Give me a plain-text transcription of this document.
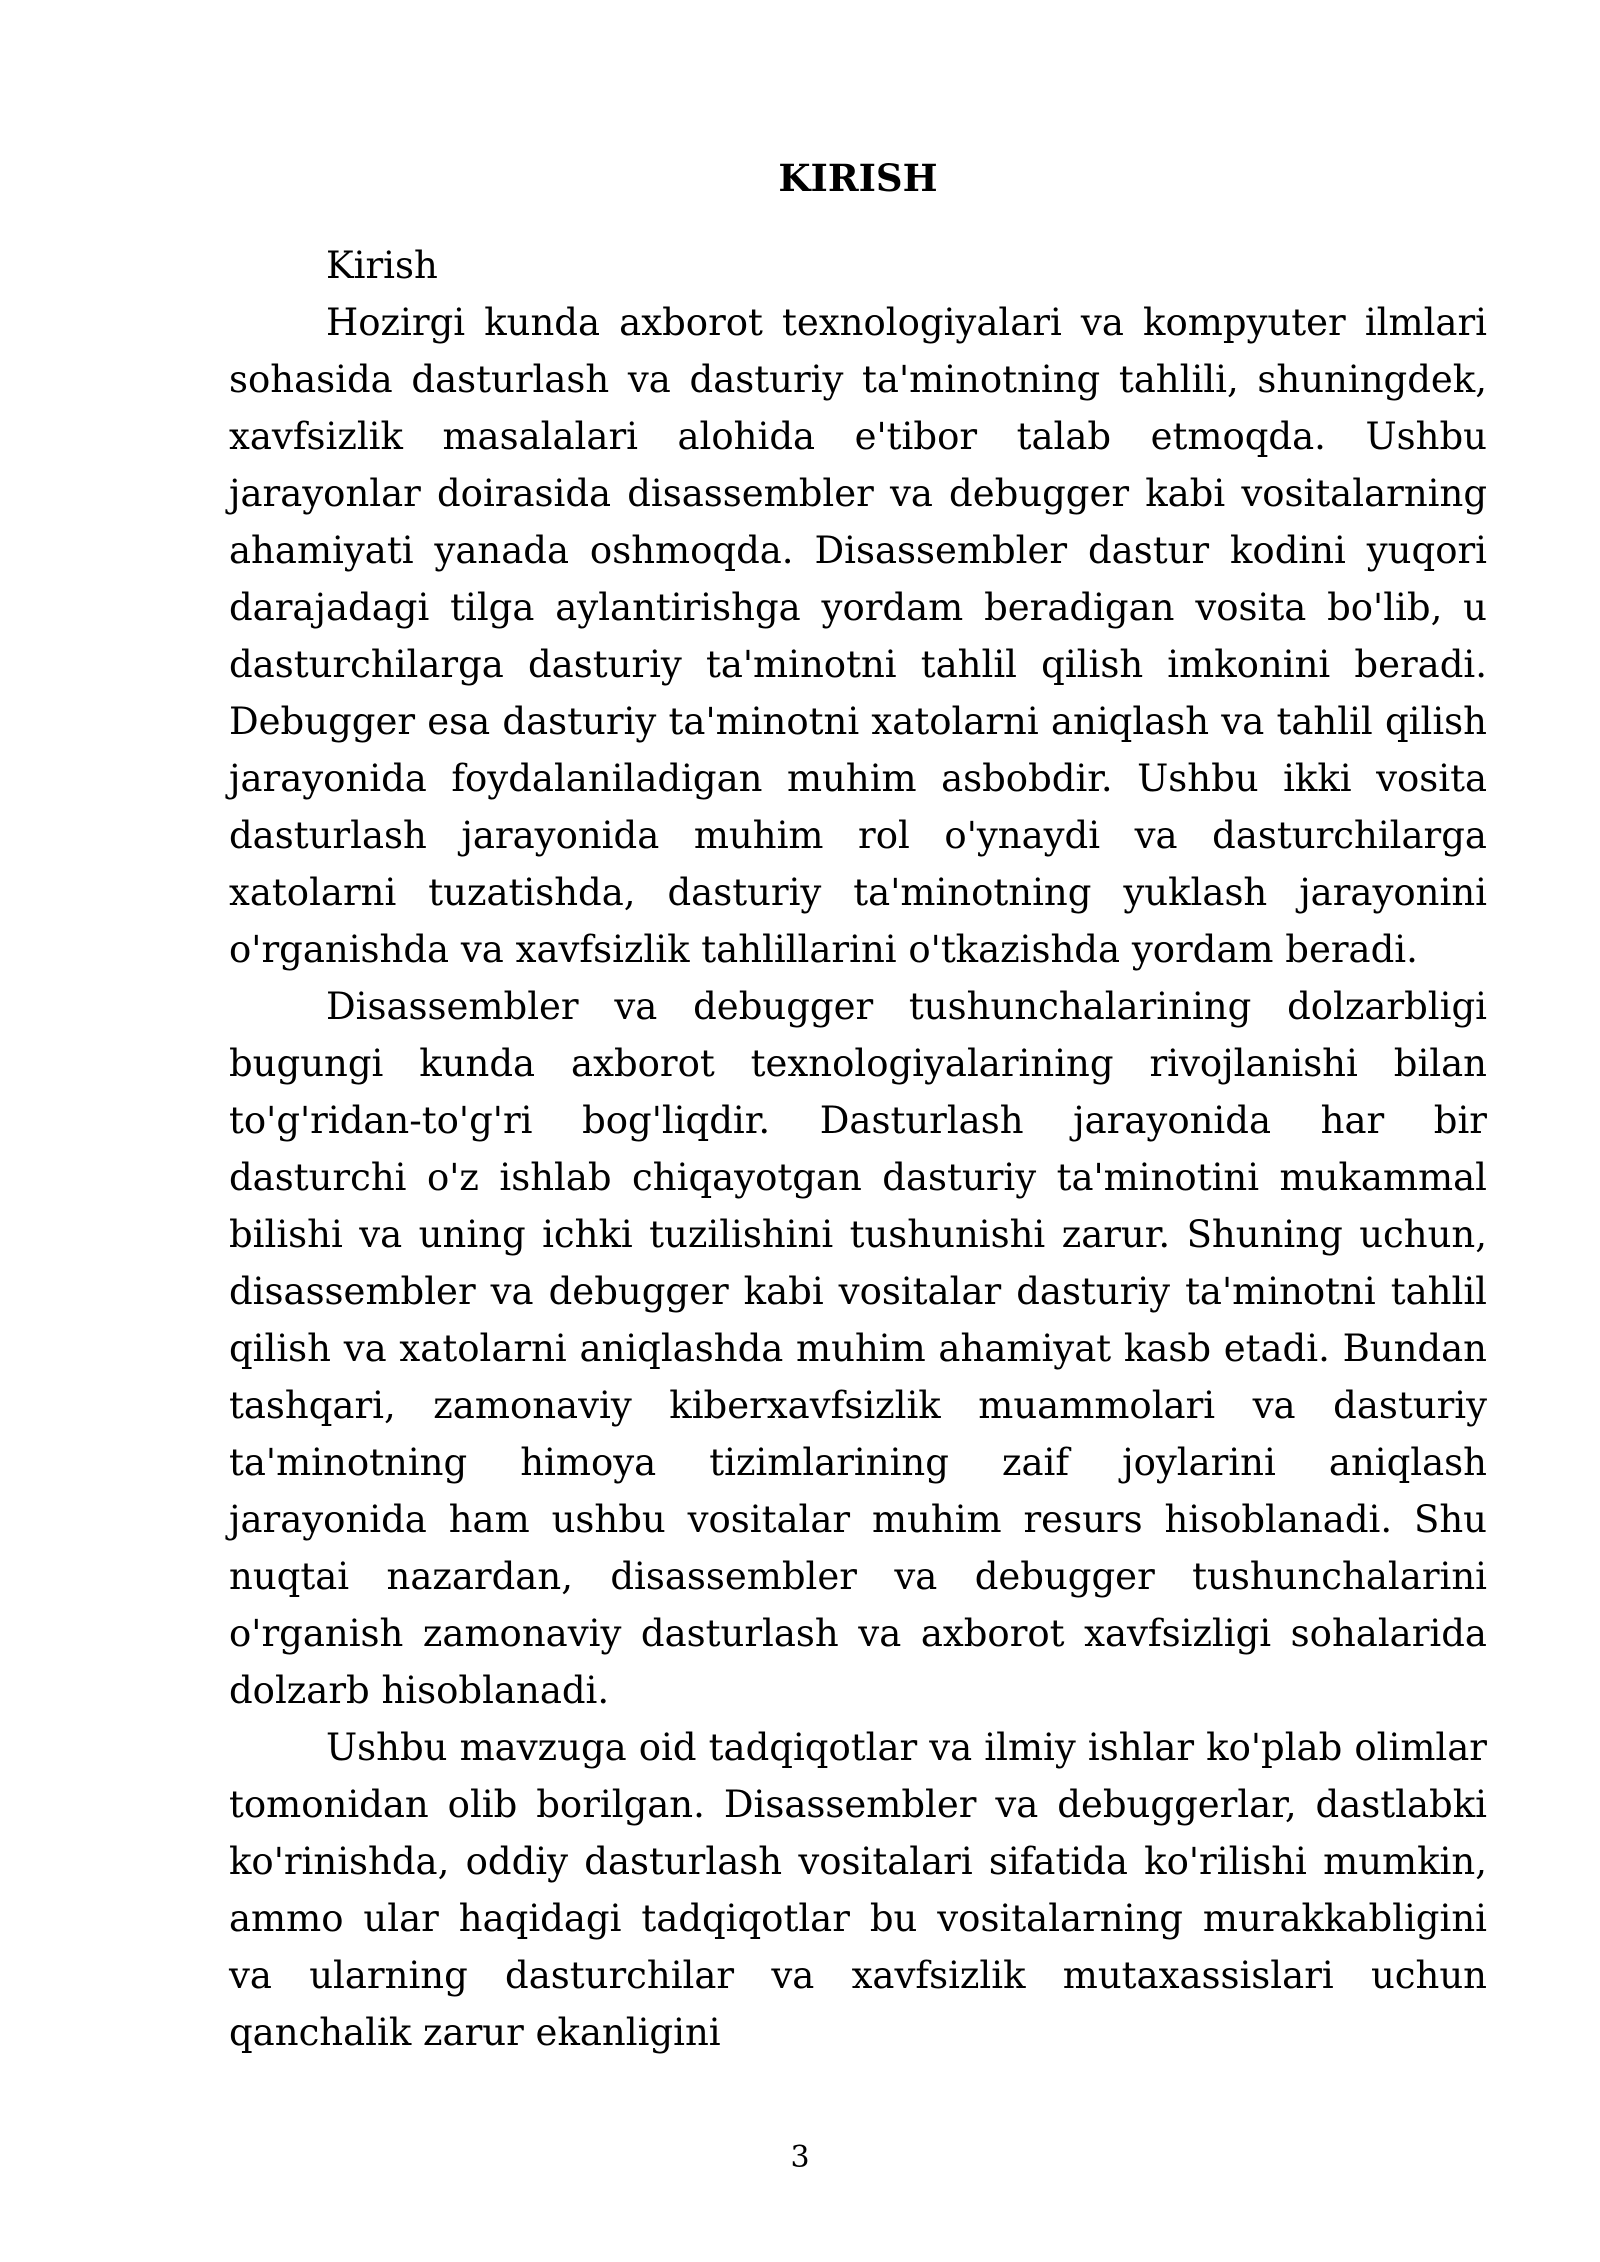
KIRISH

Kirish

Hozirgi kunda axborot texnologiyalari va kompyuter ilmlari sohasida dasturlash va dasturiy ta'minotning tahlili, shuningdek, xavfsizlik masalalari alohida e'tibor talab etmoqda. Ushbu jarayonlar doirasida disassembler va debugger kabi vositalarning ahamiyati yanada oshmoqda. Disassembler dastur kodini yuqori darajadagi tilga aylantirishga yordam beradigan vosita bo'lib, u dasturchilarga dasturiy ta'minotni tahlil qilish imkonini beradi. Debugger esa dasturiy ta'minotni xatolarni aniqlash va tahlil qilish jarayonida foydalaniladigan muhim asbobdir. Ushbu ikki vosita dasturlash jarayonida muhim rol o'ynaydi va dasturchilarga xatolarni tuzatishda, dasturiy ta'minotning yuklash jarayonini o'rganishda va xavfsizlik tahlillarini o'tkazishda yordam beradi.

Disassembler va debugger tushunchalarining dolzarbligi bugungi kunda axborot texnologiyalarining rivojlanishi bilan to'g'ridan-to'g'ri bog'liqdir. Dasturlash jarayonida har bir dasturchi o'z ishlab chiqayotgan dasturiy ta'minotini mukammal bilishi va uning ichki tuzilishini tushunishi zarur. Shuning uchun, disassembler va debugger kabi vositalar dasturiy ta'minotni tahlil qilish va xatolarni aniqlashda muhim ahamiyat kasb etadi. Bundan tashqari, zamonaviy kiberxavfsizlik muammolari va dasturiy ta'minotning himoya tizimlarining zaif joylarini aniqlash jarayonida ham ushbu vositalar muhim resurs hisoblanadi. Shu nuqtai nazardan, disassembler va debugger tushunchalarini o'rganish zamonaviy dasturlash va axborot xavfsizligi sohalarida dolzarb hisoblanadi.

Ushbu mavzuga oid tadqiqotlar va ilmiy ishlar ko'plab olimlar tomonidan olib borilgan. Disassembler va debuggerlar, dastlabki ko'rinishda, oddiy dasturlash vositalari sifatida ko'rilishi mumkin, ammo ular haqidagi tadqiqotlar bu vositalarning murakkabligini va ularning dasturchilar va xavfsizlik mutaxassislari uchun qanchalik zarur ekanligini

3
